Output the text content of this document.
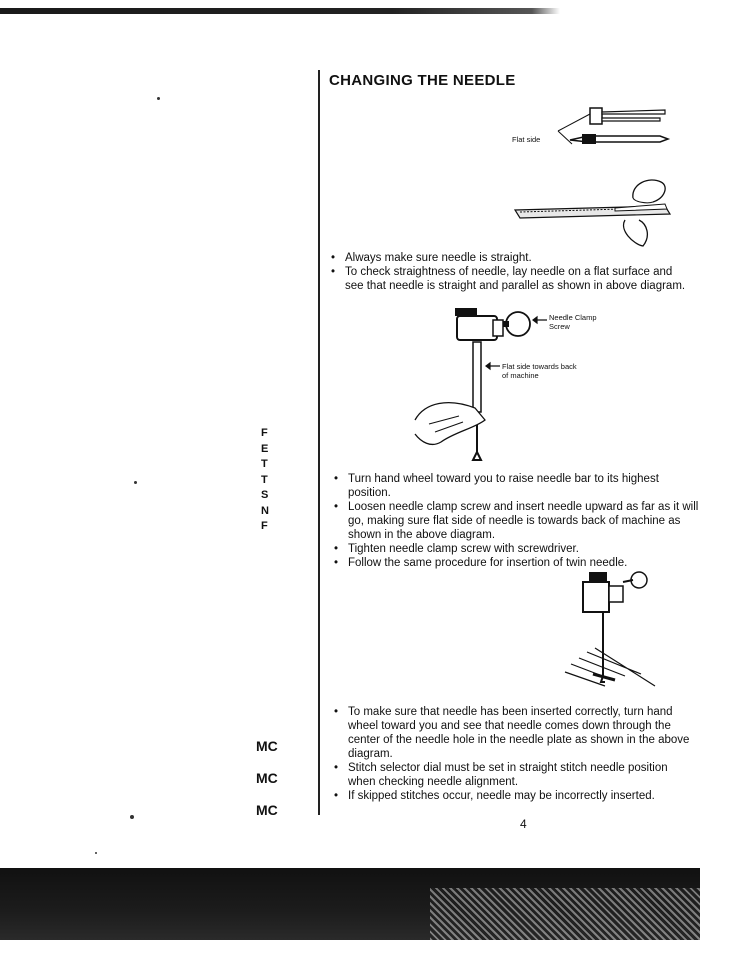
F
E
T
T
S
N
F
MC
MC
MC
CHANGING THE NEEDLE
Flat side
• Always make sure needle is straight.
• To check straightness of needle, lay needle on a flat surface and see that needle is straight and parallel as shown in above diagram.
Needle Clamp Screw
Flat side towards back of machine
• Turn hand wheel toward you to raise needle bar to its highest position.
• Loosen needle clamp screw and insert needle upward as far as it will go, making sure flat side of needle is towards back of machine as shown in the above diagram.
• Tighten needle clamp screw with screwdriver.
• Follow the same procedure for insertion of twin needle.
• To make sure that needle has been inserted correctly, turn hand wheel toward you and see that needle comes down through the center of the needle hole in the needle plate as shown in the above diagram.
• Stitch selector dial must be set in straight stitch needle position when checking needle alignment.
• If skipped stitches occur, needle may be incorrectly inserted.
4
